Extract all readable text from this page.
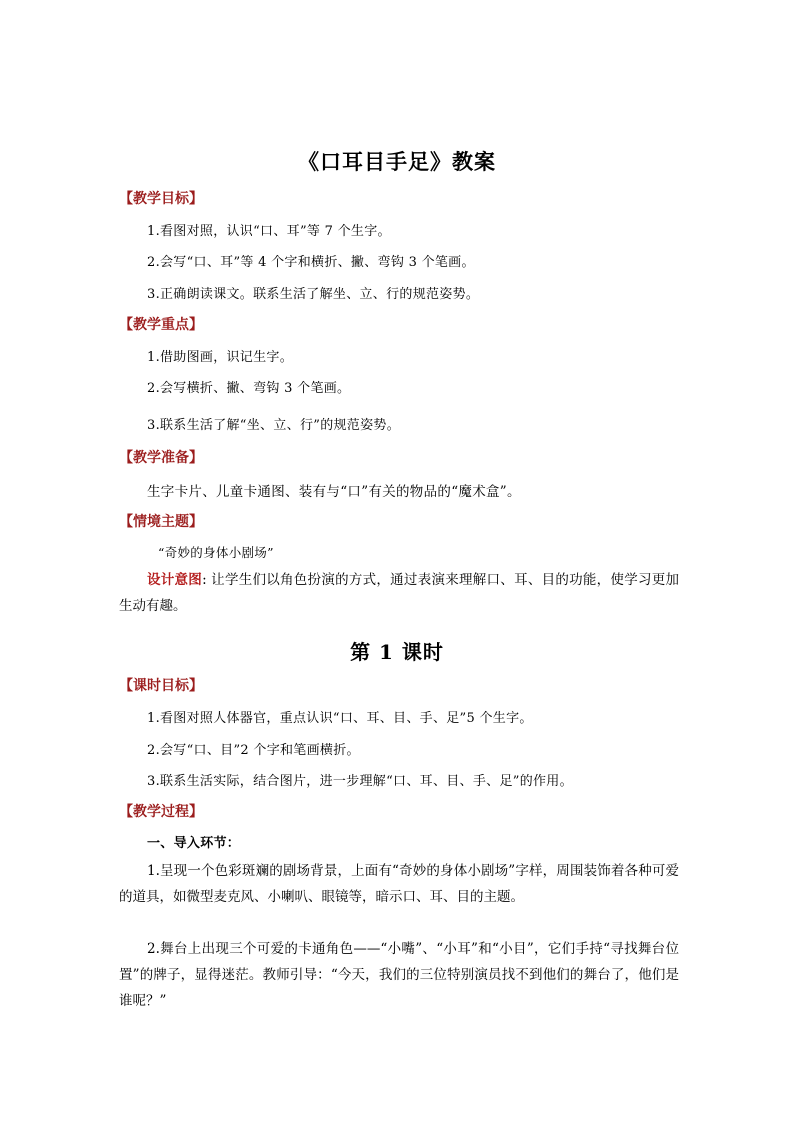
《口耳目手足》教案
【教学目标】
1.看图对照，认识“口、耳”等 7 个生字。
2.会写“口、耳”等 4 个字和横折、撇、弯钩 3 个笔画。
3.正确朗读课文。联系生活了解坐、立、行的规范姿势。
【教学重点】
1.借助图画，识记生字。
2.会写横折、撇、弯钩 3 个笔画。
3.联系生活了解“坐、立、行”的规范姿势。
【教学准备】
生字卡片、儿童卡通图、装有与“口”有关的物品的“魔术盒”。
【情境主题】
“奇妙的身体小剧场”
设计意图: 让学生们以角色扮演的方式，通过表演来理解口、耳、目的功能，使学习更加生动有趣。
第 1 课时
【课时目标】
1.看图对照人体器官，重点认识“口、耳、目、手、足”5 个生字。
2.会写“口、目”2 个字和笔画横折。
3.联系生活实际，结合图片，进一步理解“口、耳、目、手、足”的作用。
【教学过程】
一、导入环节：
1.呈现一个色彩斑斓的剧场背景，上面有“奇妙的身体小剧场”字样，周围装饰着各种可爱的道具，如微型麦克风、小喇叭、眼镜等，暗示口、耳、目的主题。
2.舞台上出现三个可爱的卡通角色——“小嘴”、“小耳”和“小目”，它们手持“寻找舞台位置”的牌子，显得迷茫。教师引导：“今天，我们的三位特别演员找不到他们的舞台了，他们是谁呢？”
